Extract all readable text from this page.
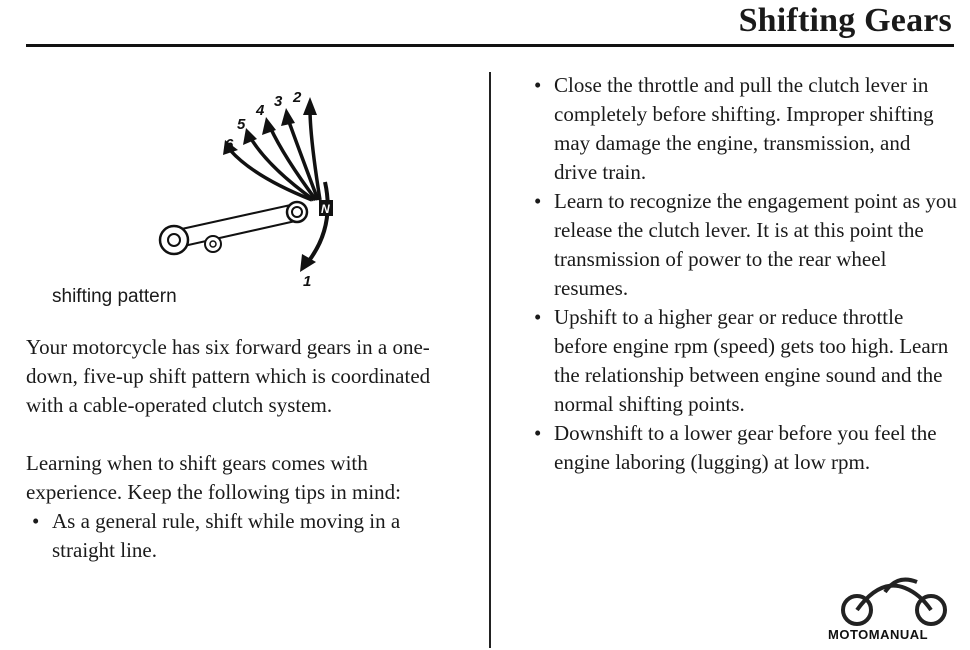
Shifting Gears
N
6
5
4
3 2
1
shifting pattern

Your motorcycle has six forward gears in a one-down, five-up shift pattern which is coordinated with a cable-operated clutch system.

Learning when to shift gears comes with experience. Keep the following tips in mind:

• As a general rule, shift while moving in a straight line.
• Close the throttle and pull the clutch lever in completely before shifting. Improper shifting may damage the engine, transmission, and drive train.
• Learn to recognize the engagement point as you release the clutch lever. It is at this point the transmission of power to the rear wheel resumes.
• Upshift to a higher gear or reduce throttle before engine rpm (speed) gets too high. Learn the relationship between engine sound and the normal shifting points.
• Downshift to a lower gear before you feel the engine laboring (lugging) at low rpm.
MOTOMANUAL
